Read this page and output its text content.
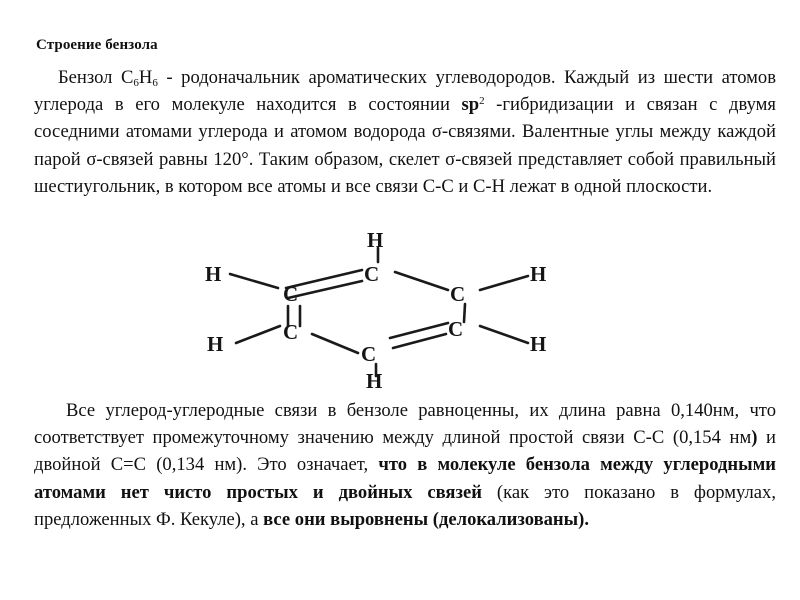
Строение бензола

Бензол $С_6Н_6$ - родоначальник ароматических углеводородов. Каждый из шести атомов углерода в его молекуле находится в состоянии $sp^2$ -гибридизации и связан с двумя соседними атомами углерода и атомом водорода σ-связями. Валентные углы между каждой парой σ-связей равны 120°. Таким образом, скелет σ-связей представляет собой правильный шестиугольник, в котором все атомы и все связи С-С и С-Н лежат в одной плоскости.

H
C
H
C	C
H
C	C
H	H
C
H

Все углерод-углеродные связи в бензоле равноценны, их длина равна 0,140нм, что соответствует промежуточному значению между длиной простой связи С-С (0,154 нм) и двойной С=С (0,134 нм). Это означает, что в молекуле бензола между углеродными атомами нет чисто простых и двойных связей (как это показано в формулах, предложенных Ф. Кекуле), а все они выровнены (делокализованы).
